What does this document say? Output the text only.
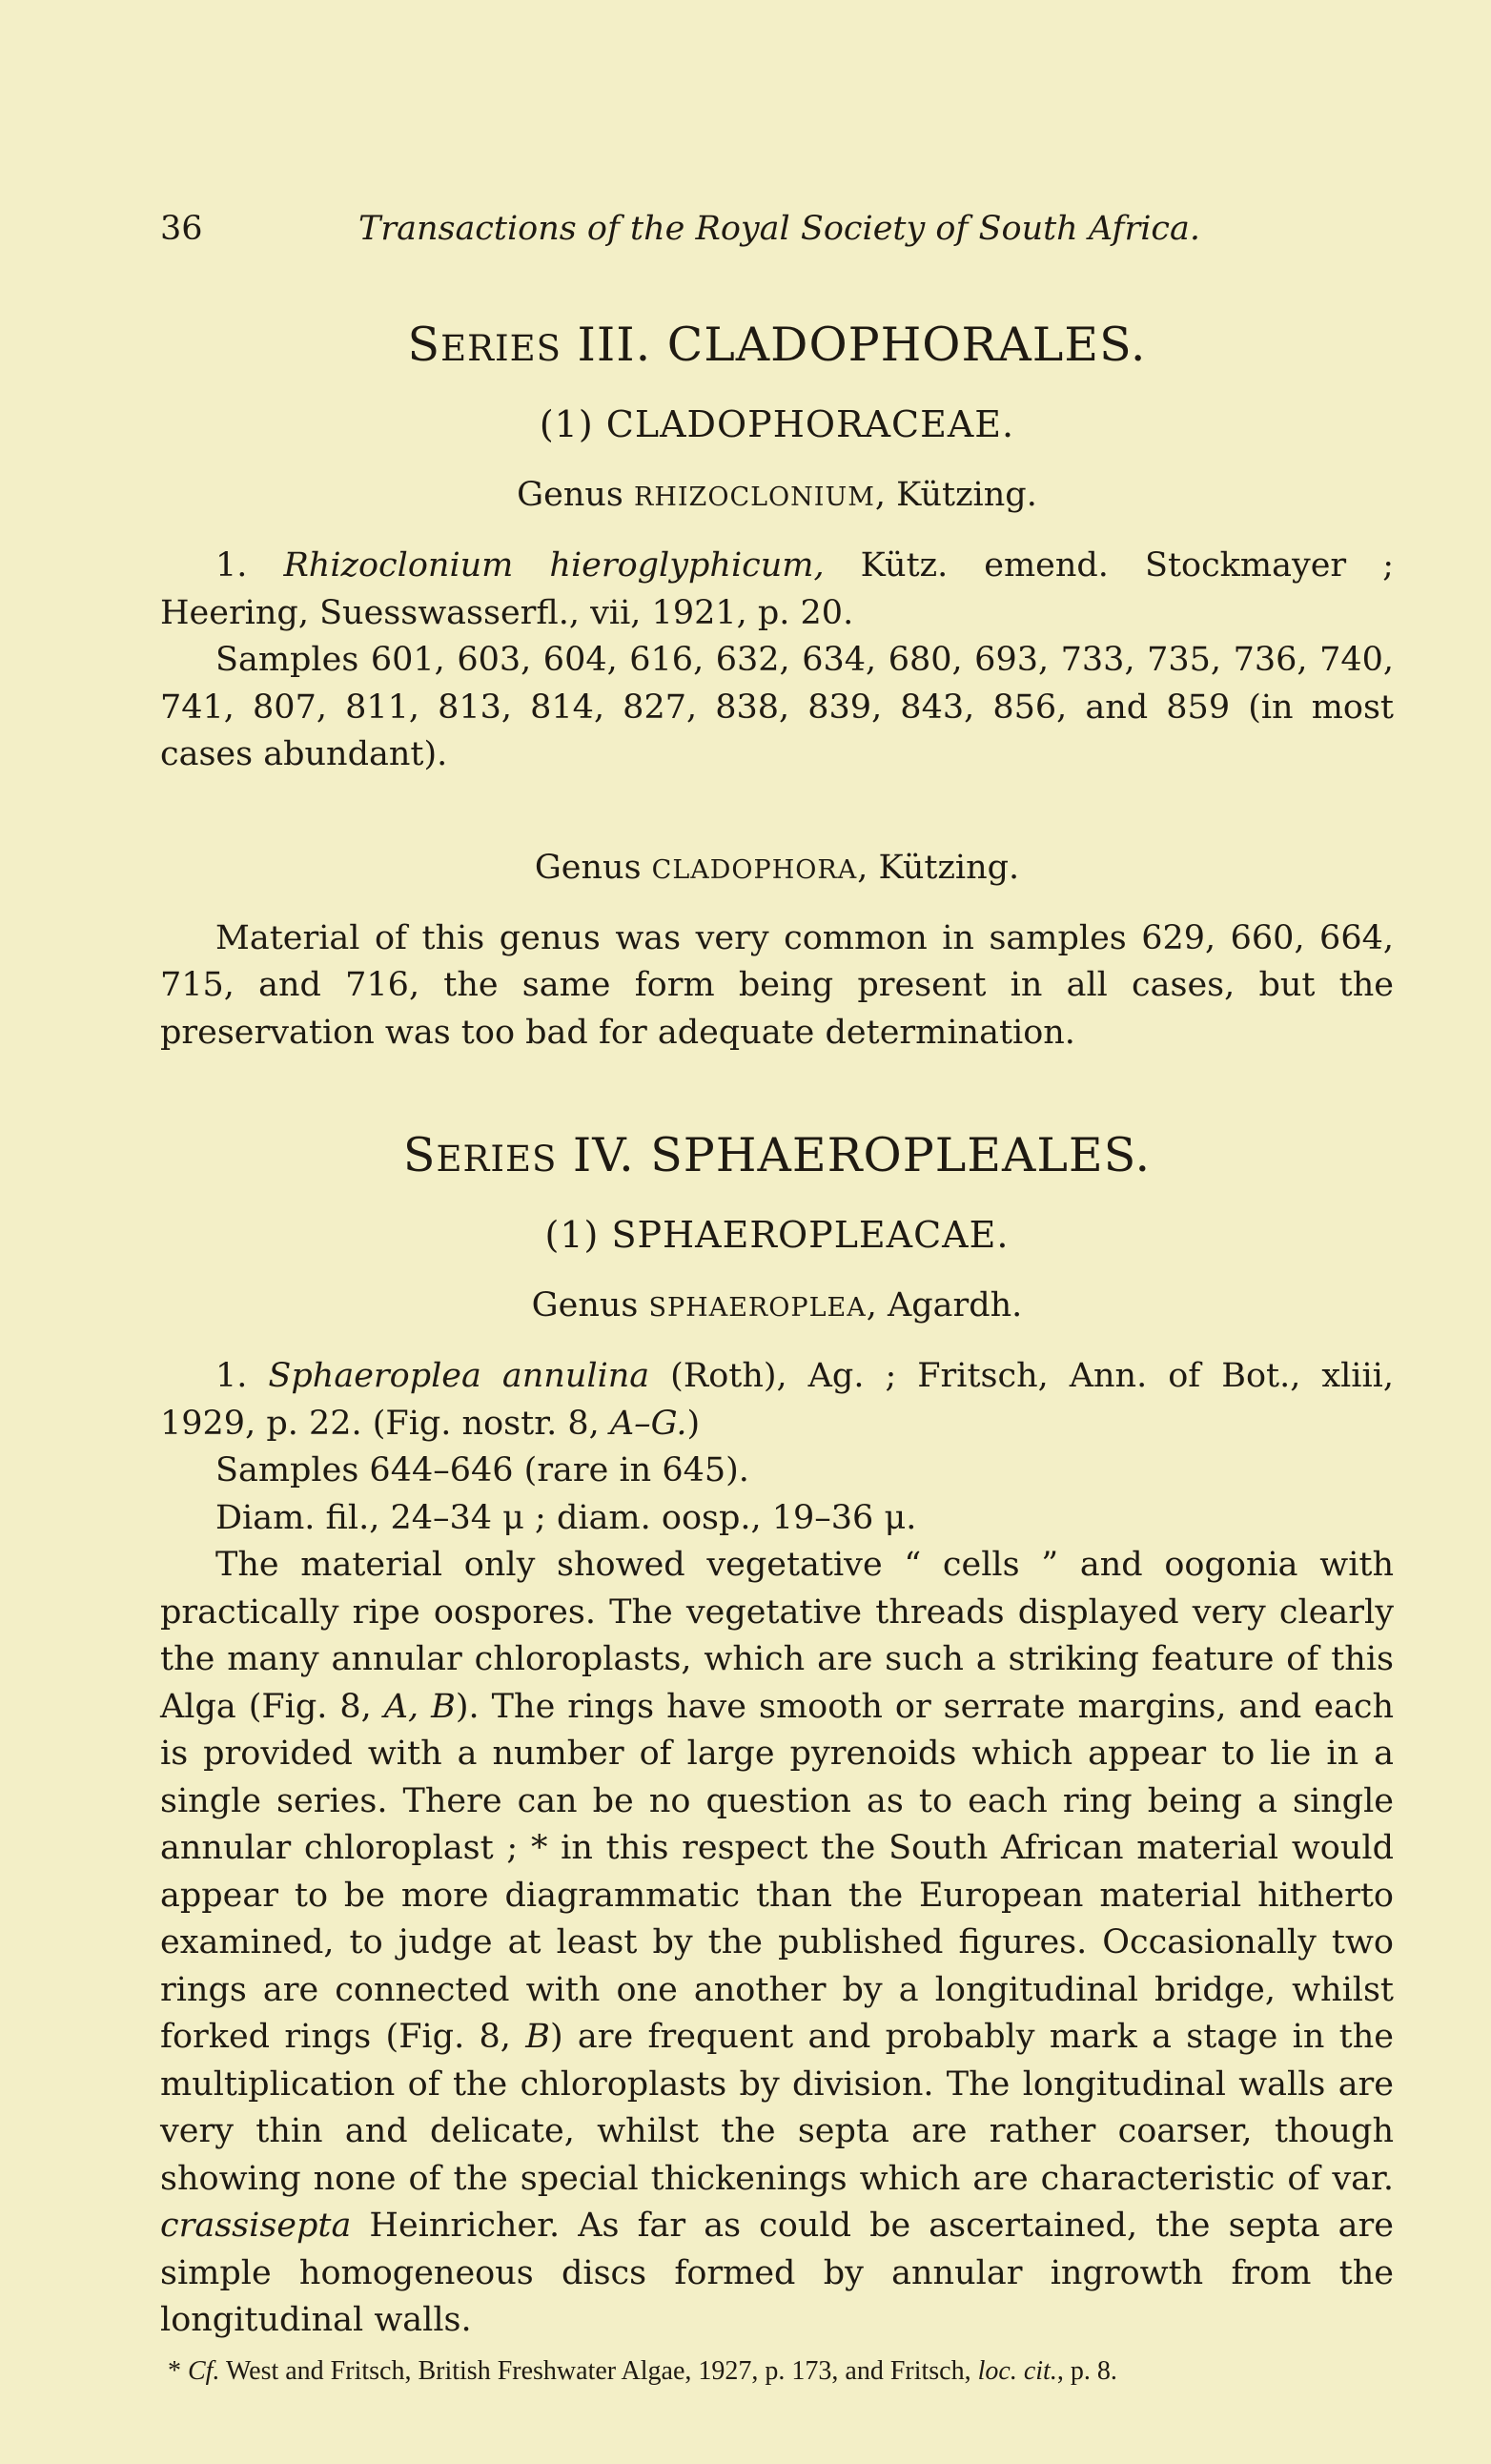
36	Transactions of the Royal Society of South Africa.
SERIES III. CLADOPHORALES.
(1) CLADOPHORACEAE.
Genus RHIZOCLONIUM, Kützing.

1. Rhizoclonium hieroglyphicum, Kütz. emend. Stockmayer ; Heering, Suesswasserfl., vii, 1921, p. 20.

Samples 601, 603, 604, 616, 632, 634, 680, 693, 733, 735, 736, 740, 741, 807, 811, 813, 814, 827, 838, 839, 843, 856, and 859 (in most cases abundant).

Genus CLADOPHORA, Kützing.

Material of this genus was very common in samples 629, 660, 664, 715, and 716, the same form being present in all cases, but the preservation was too bad for adequate determination.

SERIES IV. SPHAEROPLEALES.
(1) SPHAEROPLEACAE.
Genus SPHAEROPLEA, Agardh.

1. Sphaeroplea annulina (Roth), Ag. ; Fritsch, Ann. of Bot., xliii, 1929, p. 22. (Fig. nostr. 8, A–G.)

Samples 644–646 (rare in 645).

Diam. fil., 24–34 μ ; diam. oosp., 19–36 μ.

The material only showed vegetative “ cells ” and oogonia with practically ripe oospores. The vegetative threads displayed very clearly the many annular chloroplasts, which are such a striking feature of this Alga (Fig. 8, A, B). The rings have smooth or serrate margins, and each is provided with a number of large pyrenoids which appear to lie in a single series. There can be no question as to each ring being a single annular chloroplast ; * in this respect the South African material would appear to be more diagrammatic than the European material hitherto examined, to judge at least by the published figures. Occasionally two rings are connected with one another by a longitudinal bridge, whilst forked rings (Fig. 8, B) are frequent and probably mark a stage in the multiplication of the chloroplasts by division. The longitudinal walls are very thin and delicate, whilst the septa are rather coarser, though showing none of the special thickenings which are characteristic of var. crassisepta Heinricher. As far as could be ascertained, the septa are simple homogeneous discs formed by annular ingrowth from the longitudinal walls.

* Cf. West and Fritsch, British Freshwater Algae, 1927, p. 173, and Fritsch, loc. cit., p. 8.
